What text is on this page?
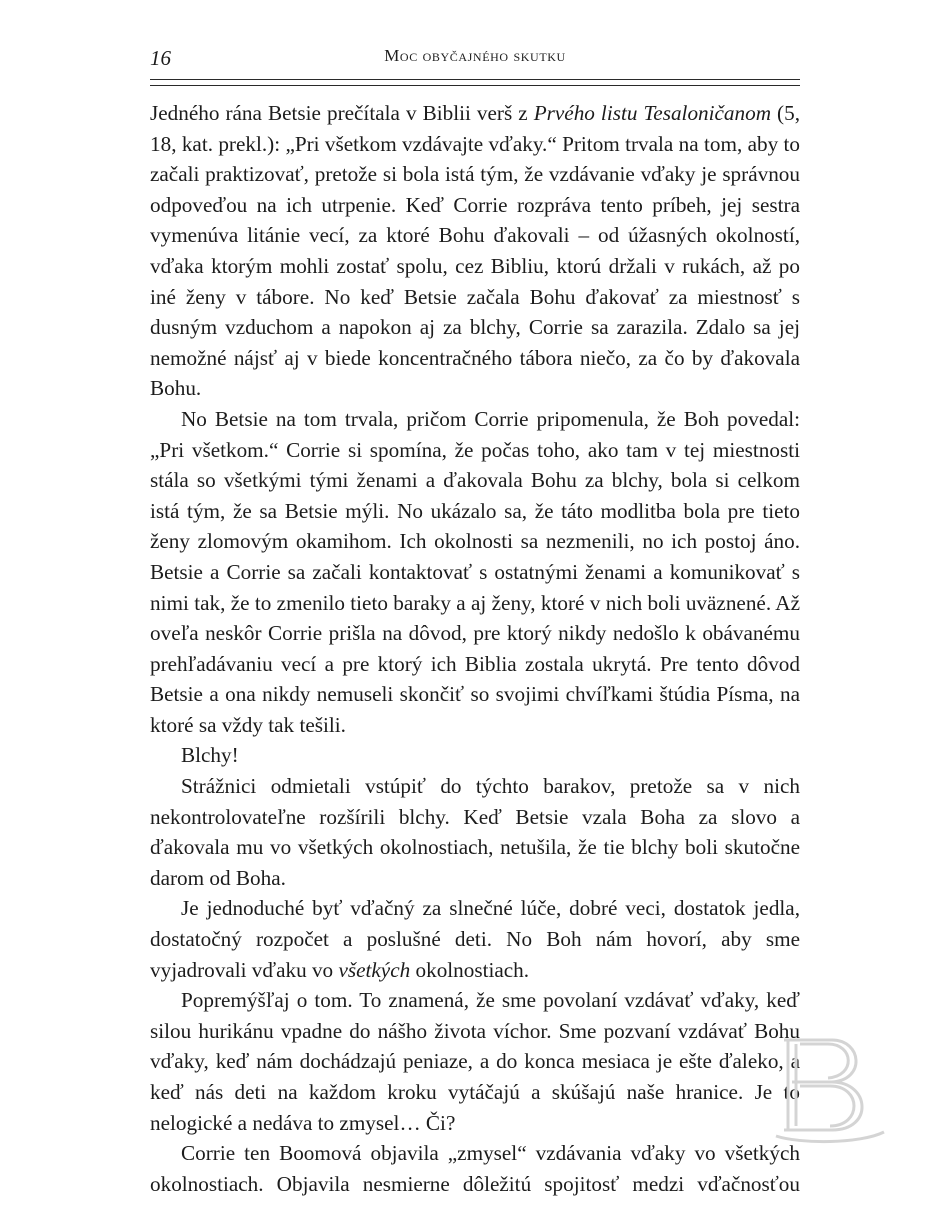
16	Moc obyčajného skutku

Jedného rána Betsie prečítala v Biblii verš z Prvého listu Tesaloničanom (5, 18, kat. prekl.): „Pri všetkom vzdávajte vďaky.“ Pritom trvala na tom, aby to začali praktizovať, pretože si bola istá tým, že vzdávanie vďaky je správnou odpoveďou na ich utrpenie. Keď Corrie rozpráva tento príbeh, jej sestra vymenúva litánie vecí, za ktoré Bohu ďakovali – od úžasných okolností, vďaka ktorým mohli zostať spolu, cez Bibliu, ktorú držali v rukách, až po iné ženy v tábore. No keď Betsie začala Bohu ďakovať za miestnosť s dusným vzduchom a napokon aj za blchy, Corrie sa zarazila. Zdalo sa jej nemožné nájsť aj v biede koncentračného tábora niečo, za čo by ďakovala Bohu.

No Betsie na tom trvala, pričom Corrie pripomenula, že Boh povedal: „Pri všetkom.“ Corrie si spomína, že počas toho, ako tam v tej miestnosti stála so všetkými tými ženami a ďakovala Bohu za blchy, bola si celkom istá tým, že sa Betsie mýli. No ukázalo sa, že táto modlitba bola pre tieto ženy zlomovým okamihom. Ich okolnosti sa nezmenili, no ich postoj áno. Betsie a Corrie sa začali kontaktovať s ostatnými ženami a komunikovať s nimi tak, že to zmenilo tieto baraky a aj ženy, ktoré v nich boli uväznené. Až oveľa neskôr Corrie prišla na dôvod, pre ktorý nikdy nedošlo k obávanému prehľadávaniu vecí a pre ktorý ich Biblia zostala ukrytá. Pre tento dôvod Betsie a ona nikdy nemuseli skončiť so svojimi chvíľkami štúdia Písma, na ktoré sa vždy tak tešili.

Blchy!

Strážnici odmietali vstúpiť do týchto barakov, pretože sa v nich nekontrolovateľne rozšírili blchy. Keď Betsie vzala Boha za slovo a ďakovala mu vo všetkých okolnostiach, netušila, že tie blchy boli skutočne darom od Boha.

Je jednoduché byť vďačný za slnečné lúče, dobré veci, dostatok jedla, dostatočný rozpočet a poslušné deti. No Boh nám hovorí, aby sme vyjadrovali vďaku vo všetkých okolnostiach.

Popremýšľaj o tom. To znamená, že sme povolaní vzdávať vďaky, keď silou hurikánu vpadne do nášho života víchor. Sme pozvaní vzdávať Bohu vďaky, keď nám dochádzajú peniaze, a do konca mesiaca je ešte ďaleko, a keď nás deti na každom kroku vytáčajú a skúšajú naše hranice. Je to nelogické a nedáva to zmysel… Či?

Corrie ten Boomová objavila „zmysel“ vzdávania vďaky vo všetkých okolnostiach. Objavila nesmierne dôležitú spojitosť medzi vďačnosťou
